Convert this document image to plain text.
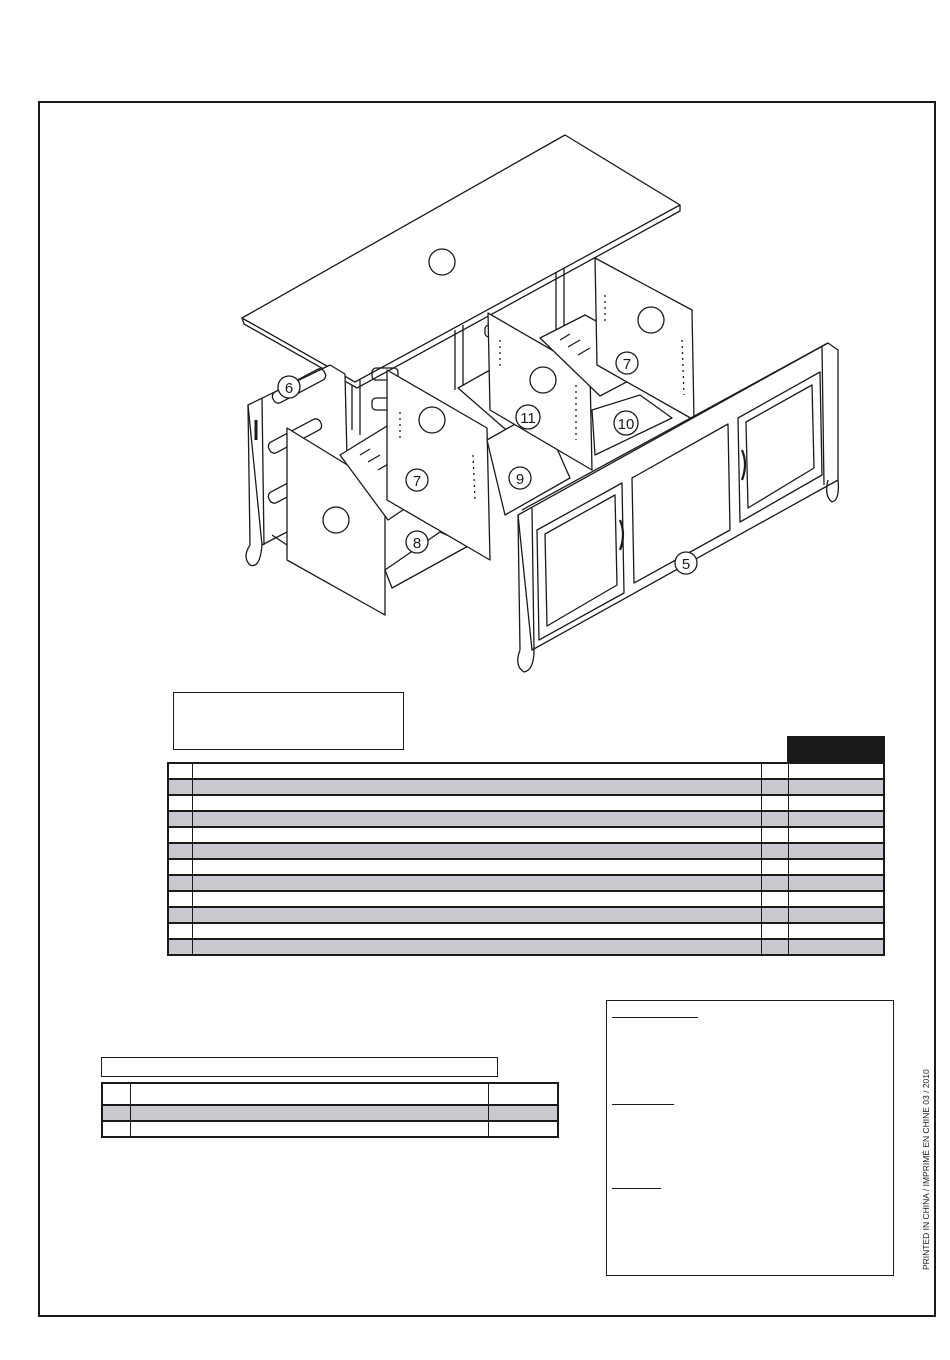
6
7
7
8
9
10
11
5

PRINTED IN CHINA / IMPRIMÉ EN CHINE 03 / 2010
